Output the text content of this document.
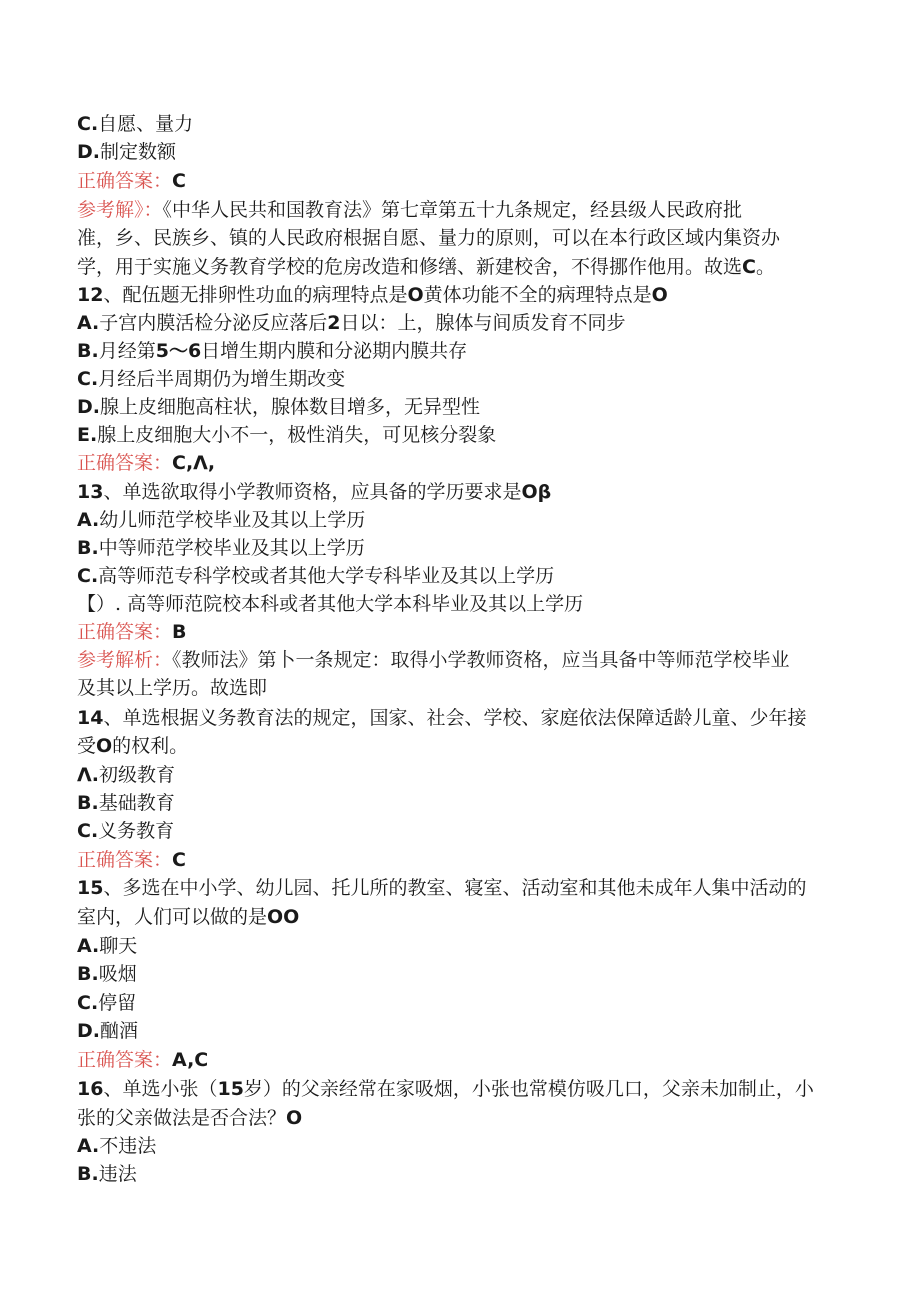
C.自愿、量力
D.制定数额
正确答案：C
参考解》：《中华人民共和国教育法》第七章第五十九条规定，经县级人民政府批
准，乡、民族乡、镇的人民政府根据自愿、量力的原则，可以在本行政区域内集资办
学，用于实施义务教育学校的危房改造和修缮、新建校舍，不得挪作他用。故选C。
12、配伍题无排卵性功血的病理特点是O黄体功能不全的病理特点是O
A.子宫内膜活检分泌反应落后2日以：上，腺体与间质发育不同步
B.月经第5〜6日增生期内膜和分泌期内膜共存
C.月经后半周期仍为增生期改变
D.腺上皮细胞高柱状，腺体数目增多，无异型性
E.腺上皮细胞大小不一，极性消失，可见核分裂象
正确答案：C,Λ,
13、单选欲取得小学教师资格，应具备的学历要求是Oβ
A.幼儿师范学校毕业及其以上学历
B.中等师范学校毕业及其以上学历
C.高等师范专科学校或者其他大学专科毕业及其以上学历
【）. 高等师范院校本科或者其他大学本科毕业及其以上学历
正确答案：B
参考解析：《教师法》第卜一条规定：取得小学教师资格，应当具备中等师范学校毕业
及其以上学历。故选即
14、单选根据义务教育法的规定，国家、社会、学校、家庭依法保障适龄儿童、少年接
受O的权利。
Λ.初级教育
B.基础教育
C.义务教育
正确答案：C
15、多选在中小学、幼儿园、托儿所的教室、寝室、活动室和其他未成年人集中活动的
室内，人们可以做的是OO
A.聊天
B.吸烟
C.停留
D.酗酒
正确答案：A,C
16、单选小张（15岁）的父亲经常在家吸烟，小张也常模仿吸几口，父亲未加制止，小
张的父亲做法是否合法？O
A.不违法
B.违法
